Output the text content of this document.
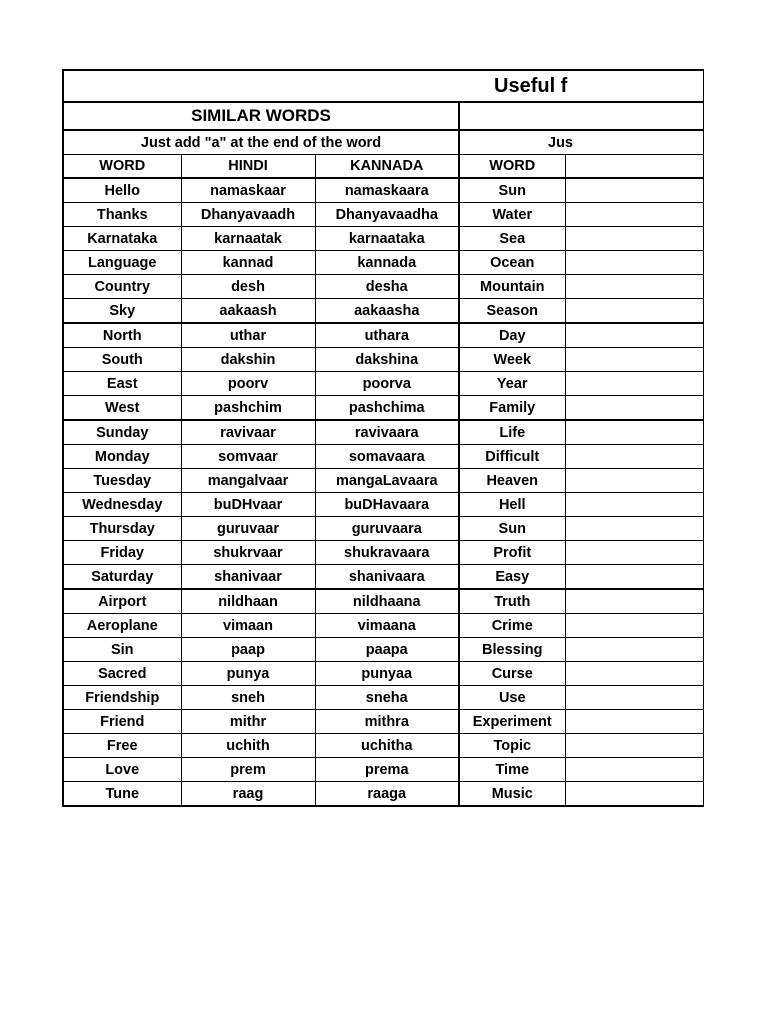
Useful f				
SIMILAR WORDS				
Just add "a" at the end of the word			Jus	
WORD	HINDI	KANNADA	WORD	
Hello	namaskaar	namaskaara	Sun	
Thanks	Dhanyavaadh	Dhanyavaadha	Water	
Karnataka	karnaatak	karnaataka	Sea	
Language	kannad	kannada	Ocean	
Country	desh	desha	Mountain	
Sky	aakaash	aakaasha	Season	
North	uthar	uthara	Day	
South	dakshin	dakshina	Week	
East	poorv	poorva	Year	
West	pashchim	pashchima	Family	
Sunday	ravivaar	ravivaara	Life	
Monday	somvaar	somavaara	Difficult	
Tuesday	mangalvaar	mangaLavaara	Heaven	
Wednesday	buDHvaar	buDHavaara	Hell	
Thursday	guruvaar	guruvaara	Sun	
Friday	shukrvaar	shukravaara	Profit	
Saturday	shanivaar	shanivaara	Easy	
Airport	nildhaan	nildhaana	Truth	
Aeroplane	vimaan	vimaana	Crime	
Sin	paap	paapa	Blessing	
Sacred	punya	punyaa	Curse	
Friendship	sneh	sneha	Use	
Friend	mithr	mithra	Experiment	
Free	uchith	uchitha	Topic	
Love	prem	prema	Time	
Tune	raag	raaga	Music	
